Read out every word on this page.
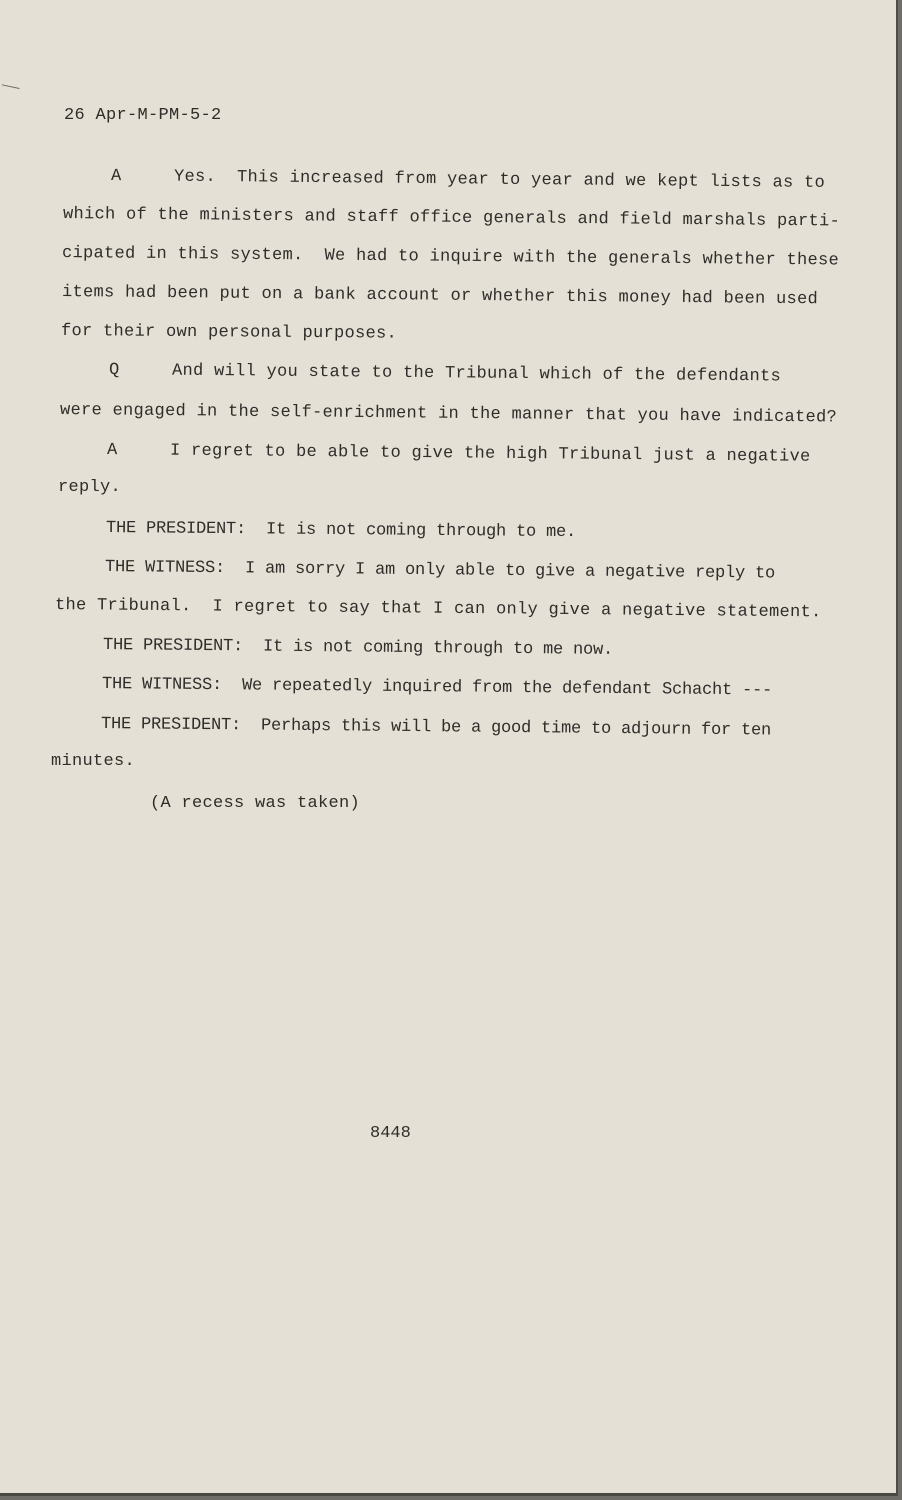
26 Apr-M-PM-5-2
A     Yes.  This increased from year to year and we kept lists as to
which of the ministers and staff office generals and field marshals parti-
cipated in this system.  We had to inquire with the generals whether these
items had been put on a bank account or whether this money had been used
for their own personal purposes.
Q     And will you state to the Tribunal which of the defendants
were engaged in the self-enrichment in the manner that you have indicated?
A     I regret to be able to give the high Tribunal just a negative
reply.
THE PRESIDENT:  It is not coming through to me.
THE WITNESS:  I am sorry I am only able to give a negative reply to
the Tribunal.  I regret to say that I can only give a negative statement.
THE PRESIDENT:  It is not coming through to me now.
THE WITNESS:  We repeatedly inquired from the defendant Schacht ---
THE PRESIDENT:  Perhaps this will be a good time to adjourn for ten
minutes.
(A recess was taken)
8448
